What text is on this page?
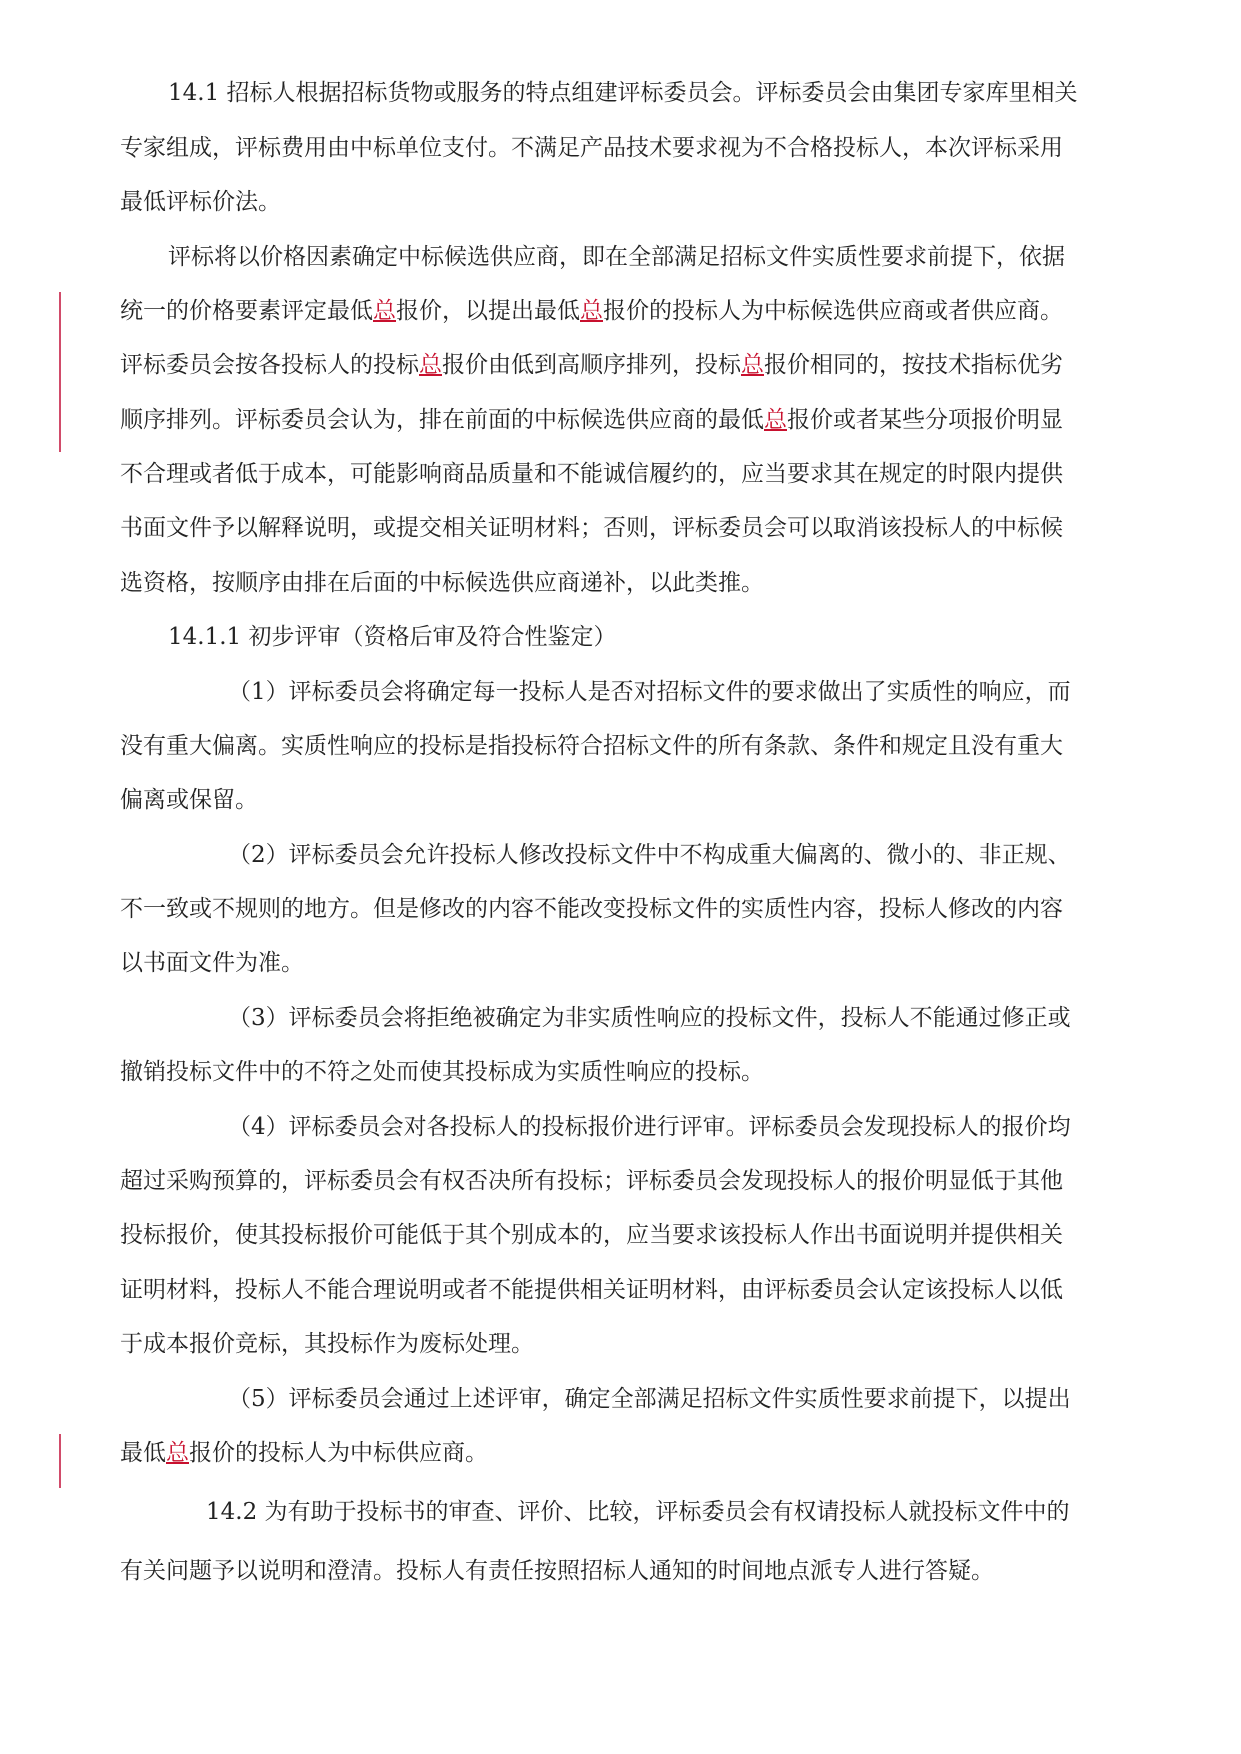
14.1 招标人根据招标货物或服务的特点组建评标委员会。评标委员会由集团专家库里相关
专家组成，评标费用由中标单位支付。不满足产品技术要求视为不合格投标人，本次评标采用
最低评标价法。
评标将以价格因素确定中标候选供应商，即在全部满足招标文件实质性要求前提下，依据
统一的价格要素评定最低总报价，以提出最低总报价的投标人为中标候选供应商或者供应商。
评标委员会按各投标人的投标总报价由低到高顺序排列，投标总报价相同的，按技术指标优劣
顺序排列。评标委员会认为，排在前面的中标候选供应商的最低总报价或者某些分项报价明显
不合理或者低于成本，可能影响商品质量和不能诚信履约的，应当要求其在规定的时限内提供
书面文件予以解释说明，或提交相关证明材料；否则，评标委员会可以取消该投标人的中标候
选资格，按顺序由排在后面的中标候选供应商递补，以此类推。
14.1.1 初步评审（资格后审及符合性鉴定）
（1）评标委员会将确定每一投标人是否对招标文件的要求做出了实质性的响应，而
没有重大偏离。实质性响应的投标是指投标符合招标文件的所有条款、条件和规定且没有重大
偏离或保留。
（2）评标委员会允许投标人修改投标文件中不构成重大偏离的、微小的、非正规、
不一致或不规则的地方。但是修改的内容不能改变投标文件的实质性内容，投标人修改的内容
以书面文件为准。
（3）评标委员会将拒绝被确定为非实质性响应的投标文件，投标人不能通过修正或
撤销投标文件中的不符之处而使其投标成为实质性响应的投标。
（4）评标委员会对各投标人的投标报价进行评审。评标委员会发现投标人的报价均
超过采购预算的，评标委员会有权否决所有投标；评标委员会发现投标人的报价明显低于其他
投标报价，使其投标报价可能低于其个别成本的，应当要求该投标人作出书面说明并提供相关
证明材料，投标人不能合理说明或者不能提供相关证明材料，由评标委员会认定该投标人以低
于成本报价竞标，其投标作为废标处理。
（5）评标委员会通过上述评审，确定全部满足招标文件实质性要求前提下，以提出
最低总报价的投标人为中标供应商。
14.2 为有助于投标书的审查、评价、比较，评标委员会有权请投标人就投标文件中的
有关问题予以说明和澄清。投标人有责任按照招标人通知的时间地点派专人进行答疑。
